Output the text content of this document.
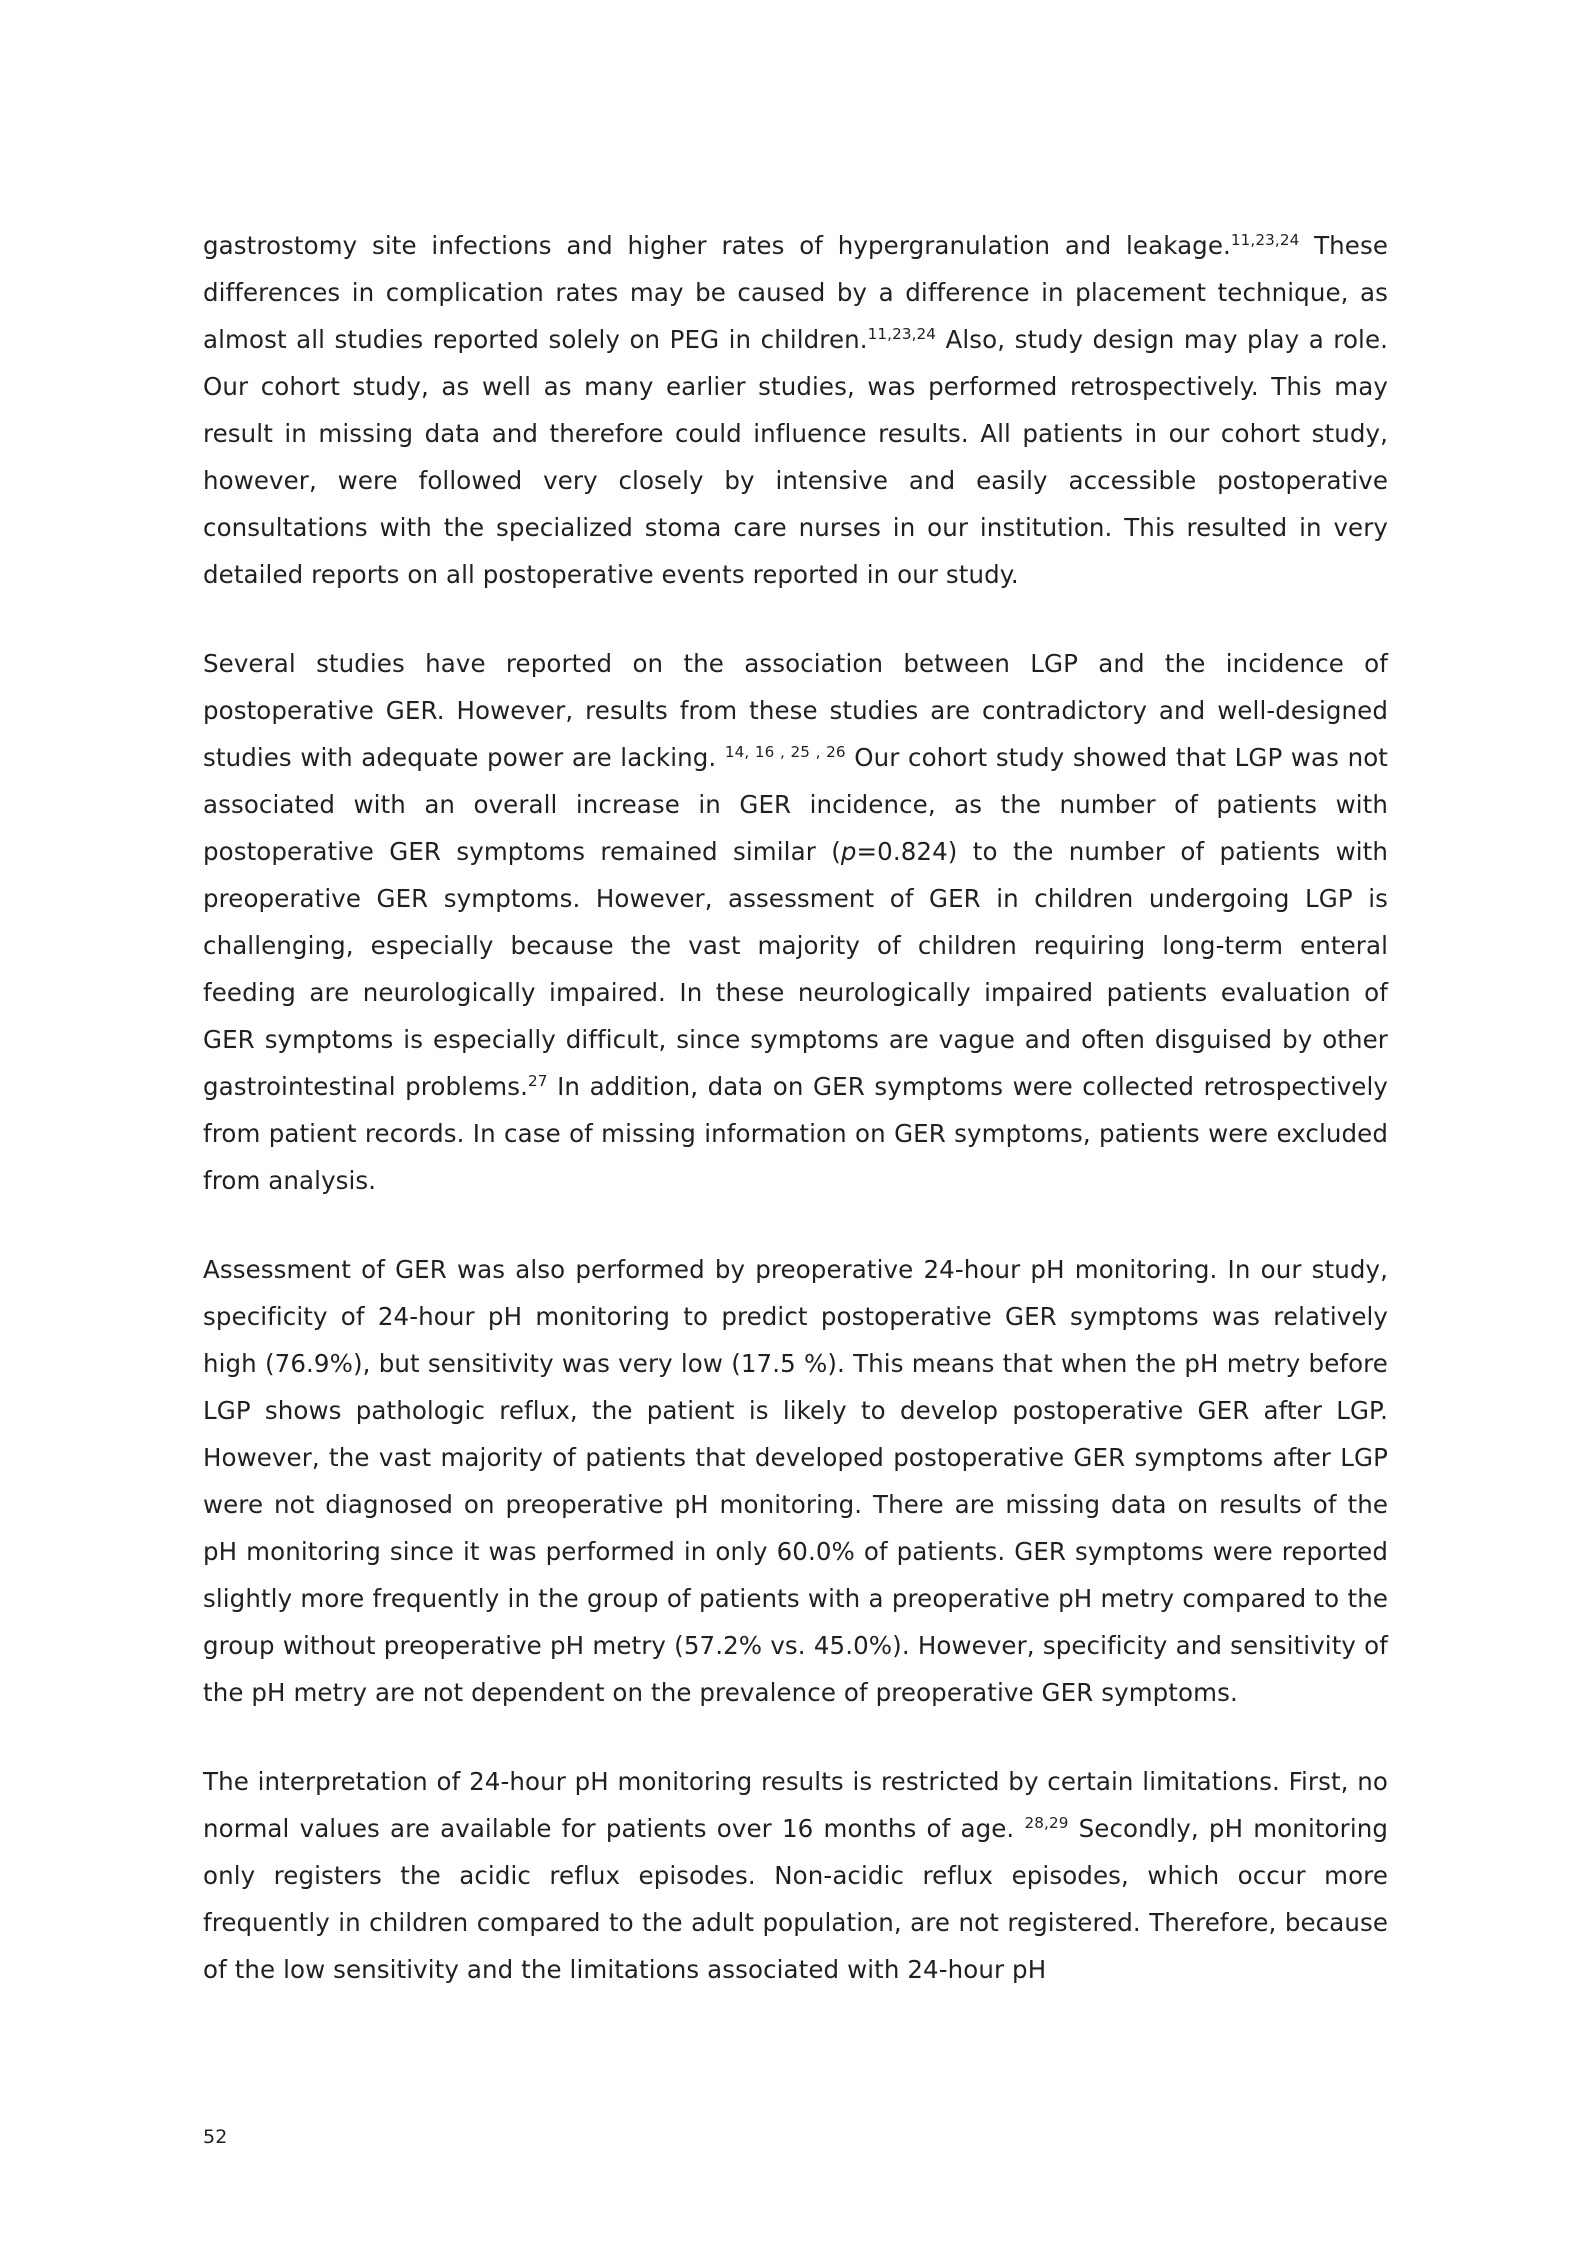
gastrostomy site infections and higher rates of hypergranulation and leakage.$^{11,23,24}$ These differences in complication rates may be caused by a difference in placement technique, as almost all studies reported solely on PEG in children.$^{11,23,24}$ Also, study design may play a role. Our cohort study, as well as many earlier studies, was performed retrospectively. This may result in missing data and therefore could influence results. All patients in our cohort study, however, were followed very closely by intensive and easily accessible postoperative consultations with the specialized stoma care nurses in our institution. This resulted in very detailed reports on all postoperative events reported in our study.

Several studies have reported on the association between LGP and the incidence of postoperative GER. However, results from these studies are contradictory and well-designed studies with adequate power are lacking. $^{14, 16 , 25 , 26}$ Our cohort study showed that LGP was not associated with an overall increase in GER incidence, as the number of patients with postoperative GER symptoms remained similar (p=0.824) to the number of patients with preoperative GER symptoms. However, assessment of GER in children undergoing LGP is challenging, especially because the vast majority of children requiring long-term enteral feeding are neurologically impaired. In these neurologically impaired patients evaluation of GER symptoms is especially difficult, since symptoms are vague and often disguised by other gastrointestinal problems.$^{27}$ In addition, data on GER symptoms were collected retrospectively from patient records. In case of missing information on GER symptoms, patients were excluded from analysis.

Assessment of GER was also performed by preoperative 24-hour pH monitoring. In our study, specificity of 24-hour pH monitoring to predict postoperative GER symptoms was relatively high (76.9%), but sensitivity was very low (17.5 %). This means that when the pH metry before LGP shows pathologic reflux, the patient is likely to develop postoperative GER after LGP. However, the vast majority of patients that developed postoperative GER symptoms after LGP were not diagnosed on preoperative pH monitoring. There are missing data on results of the pH monitoring since it was performed in only 60.0% of patients. GER symptoms were reported slightly more frequently in the group of patients with a preoperative pH metry compared to the group without preoperative pH metry (57.2% vs. 45.0%). However, specificity and sensitivity of the pH metry are not dependent on the prevalence of preoperative GER symptoms.

The interpretation of 24-hour pH monitoring results is restricted by certain limitations. First, no normal values are available for patients over 16 months of age. $^{28,29}$ Secondly, pH monitoring only registers the acidic reflux episodes. Non-acidic reflux episodes, which occur more frequently in children compared to the adult population, are not registered. Therefore, because of the low sensitivity and the limitations associated with 24-hour pH

52
